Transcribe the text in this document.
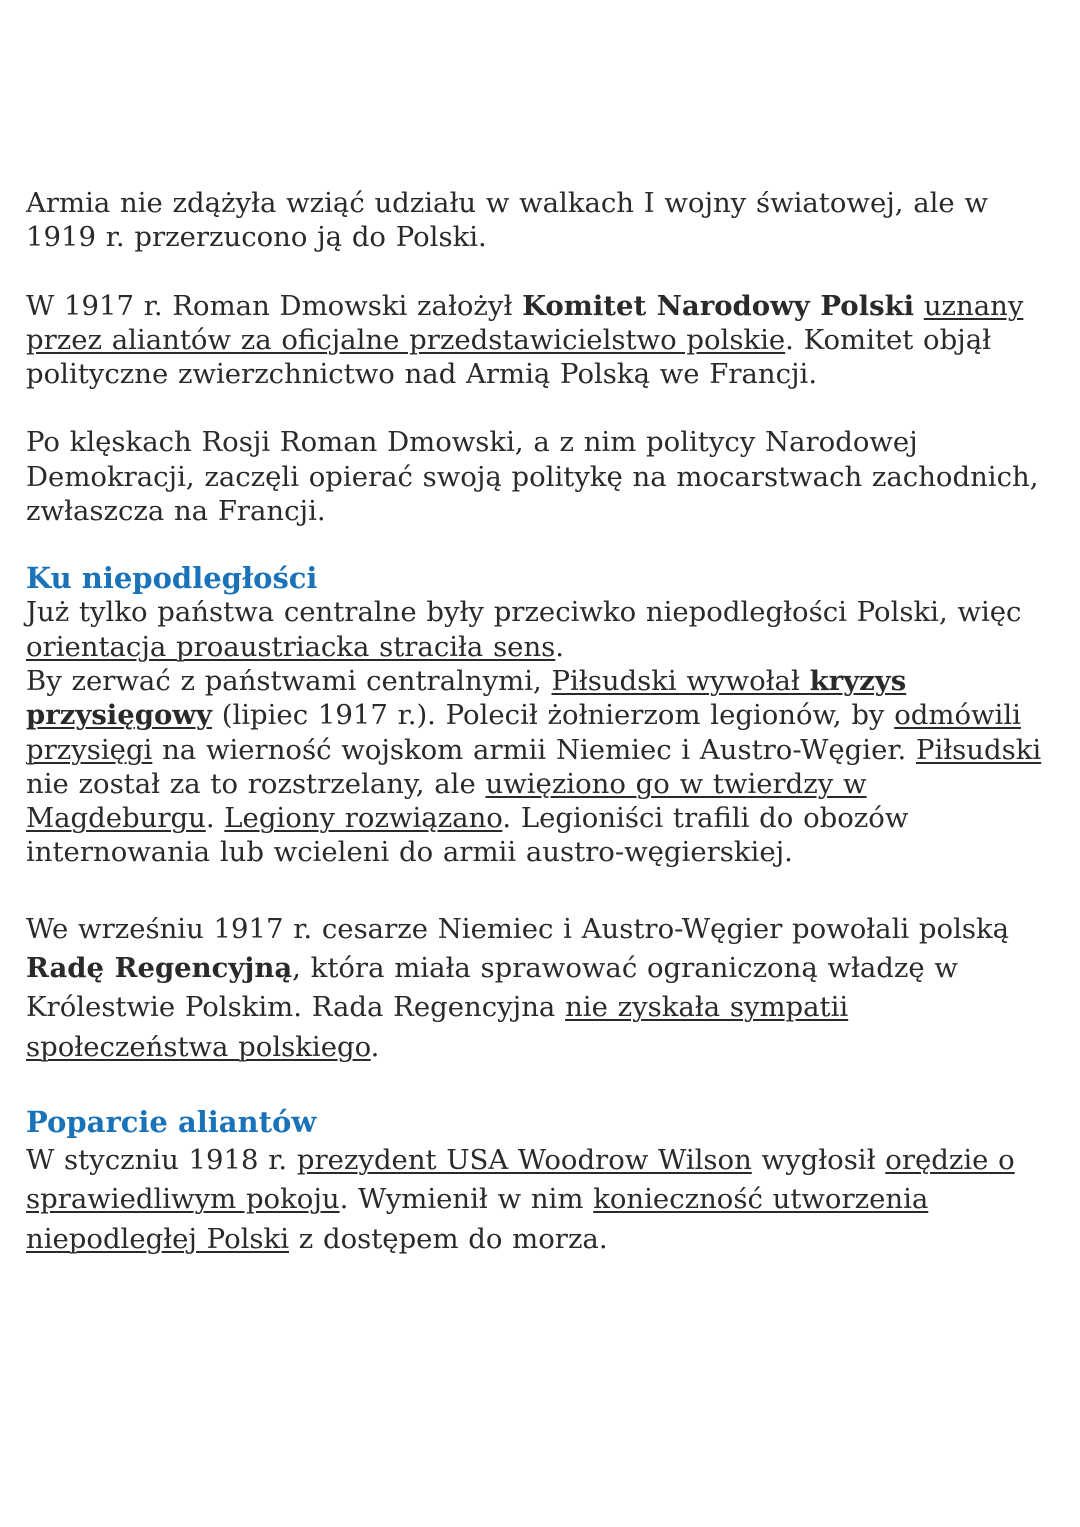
Armia nie zdążyła wziąć udziału w walkach I wojny światowej, ale w
1919 r. przerzucono ją do Polski.

W 1917 r. Roman Dmowski założył Komitet Narodowy Polski uznany przez aliantów za oficjalne przedstawicielstwo polskie. Komitet objął polityczne zwierzchnictwo nad Armią Polską we Francji.

Po klęskach Rosji Roman Dmowski, a z nim politycy Narodowej Demokracji, zaczęli opierać swoją politykę na mocarstwach zachodnich, zwłaszcza na Francji.

Ku niepodległości

Już tylko państwa centralne były przeciwko niepodległości Polski, więc orientacja proaustriacka straciła sens.
By zerwać z państwami centralnymi, Piłsudski wywołał kryzys przysięgowy (lipiec 1917 r.). Polecił żołnierzom legionów, by odmówili przysięgi na wierność wojskom armii Niemiec i Austro-Węgier. Piłsudski nie został za to rozstrzelany, ale uwięziono go w twierdzy w Magdeburgu. Legiony rozwiązano. Legioniści trafili do obozów internowania lub wcieleni do armii austro-węgierskiej.

We wrześniu 1917 r. cesarze Niemiec i Austro-Węgier powołali polską Radę Regencyjną, która miała sprawować ograniczoną władzę w Królestwie Polskim. Rada Regencyjna nie zyskała sympatii społeczeństwa polskiego.

Poparcie aliantów

W styczniu 1918 r. prezydent USA Woodrow Wilson wygłosił orędzie o sprawiedliwym pokoju. Wymienił w nim konieczność utworzenia niepodległej Polski z dostępem do morza.
